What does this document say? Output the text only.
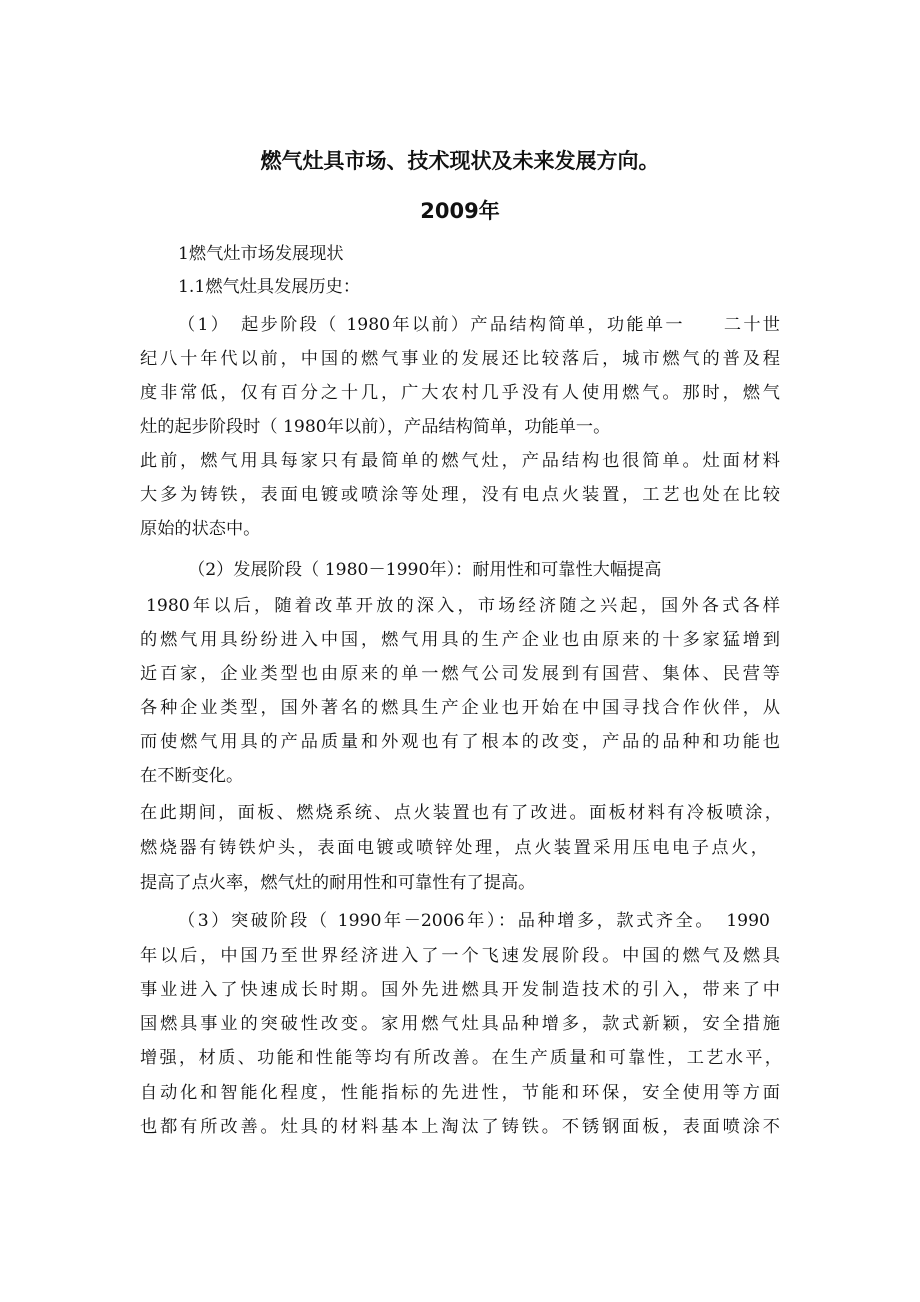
燃气灶具市场、技术现状及未来发展方向。
2009年
1燃气灶市场发展现状
1.1燃气灶具发展历史：
（1）　起步阶段（ 1980年以前）产品结构简单，功能单一　　二十世
纪八十年代以前，中国的燃气事业的发展还比较落后，城市燃气的普及程
度非常低，仅有百分之十几，广大农村几乎没有人使用燃气。那时，燃气
灶的起步阶段时（ 1980年以前），产品结构简单，功能单一。
此前，燃气用具每家只有最简单的燃气灶，产品结构也很简单。灶面材料
大多为铸铁，表面电镀或喷涂等处理，没有电点火装置，工艺也处在比较
原始的状态中。
（2）发展阶段（ 1980－1990年）：耐用性和可靠性大幅提高
1980年以后，随着改革开放的深入，市场经济随之兴起，国外各式各样
的燃气用具纷纷进入中国，燃气用具的生产企业也由原来的十多家猛增到
近百家，企业类型也由原来的单一燃气公司发展到有国营、集体、民营等
各种企业类型，国外著名的燃具生产企业也开始在中国寻找合作伙伴，从
而使燃气用具的产品质量和外观也有了根本的改变，产品的品种和功能也
在不断变化。
在此期间，面板、燃烧系统、点火装置也有了改进。面板材料有冷板喷涂，
燃烧器有铸铁炉头，表面电镀或喷锌处理，点火装置采用压电电子点火，
提高了点火率，燃气灶的耐用性和可靠性有了提高。
（3）突破阶段（ 1990年－2006年）：品种增多，款式齐全。　1990
年以后，中国乃至世界经济进入了一个飞速发展阶段。中国的燃气及燃具
事业进入了快速成长时期。国外先进燃具开发制造技术的引入，带来了中
国燃具事业的突破性改变。家用燃气灶具品种增多，款式新颖，安全措施
增强，材质、功能和性能等均有所改善。在生产质量和可靠性，工艺水平，
自动化和智能化程度，性能指标的先进性，节能和环保，安全使用等方面
也都有所改善。灶具的材料基本上淘汰了铸铁。不锈钢面板，表面喷涂不
